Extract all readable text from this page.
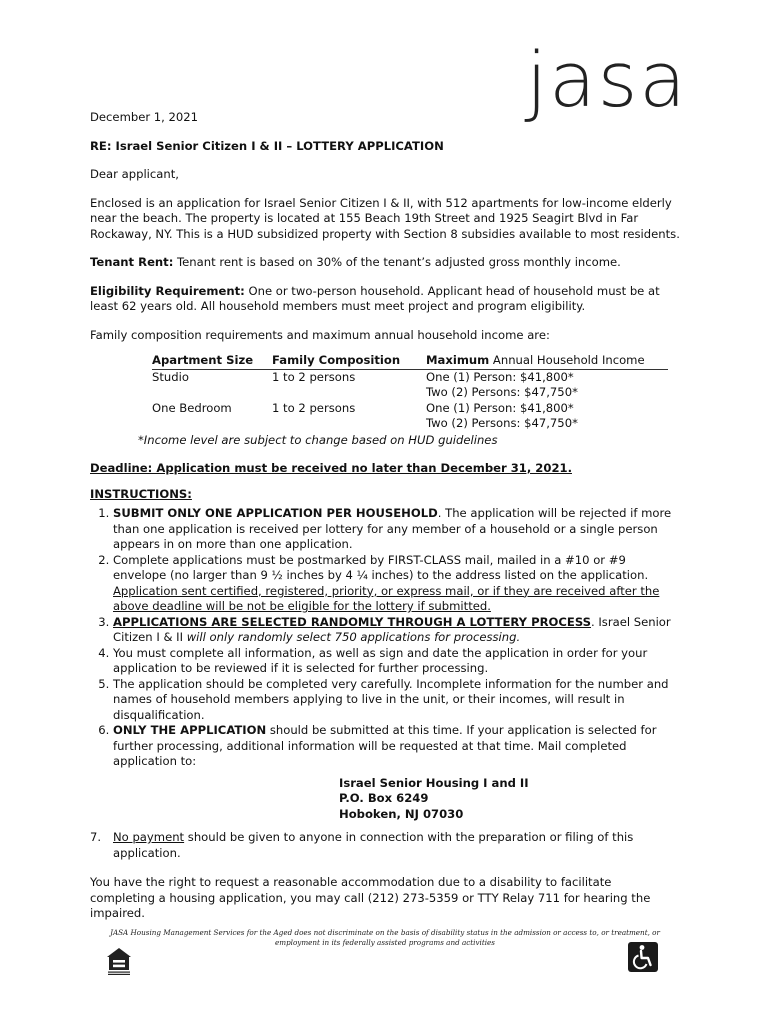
jasa

December 1, 2021

RE: Israel Senior Citizen I & II – LOTTERY APPLICATION

Dear applicant,

Enclosed is an application for Israel Senior Citizen I & II, with 512 apartments for low-income elderly near the beach. The property is located at 155 Beach 19th Street and 1925 Seagirt Blvd in Far Rockaway, NY. This is a HUD subsidized property with Section 8 subsidies available to most residents.

Tenant Rent: Tenant rent is based on 30% of the tenant’s adjusted gross monthly income.

Eligibility Requirement: One or two-person household. Applicant head of household must be at least 62 years old. All household members must meet project and program eligibility.

Family composition requirements and maximum annual household income are:

Apartment Size	Family Composition	Maximum Annual Household Income
Studio	1 to 2 persons	One (1) Person: $41,800*
Two (2) Persons: $47,750*

One Bedroom	1 to 2 persons	One (1) Person: $41,800*
Two (2) Persons: $47,750*

*Income level are subject to change based on HUD guidelines

Deadline: Application must be received no later than December 31, 2021.

INSTRUCTIONS:

1. SUBMIT ONLY ONE APPLICATION PER HOUSEHOLD. The application will be rejected if more than one application is received per lottery for any member of a household or a single person appears in on more than one application.
2. Complete applications must be postmarked by FIRST-CLASS mail, mailed in a #10 or #9 envelope (no larger than 9 ½ inches by 4 ¼ inches) to the address listed on the application. Application sent certified, registered, priority, or express mail, or if they are received after the above deadline will be not be eligible for the lottery if submitted.
3. APPLICATIONS ARE SELECTED RANDOMLY THROUGH A LOTTERY PROCESS. Israel Senior Citizen I & II will only randomly select 750 applications for processing.
4. You must complete all information, as well as sign and date the application in order for your application to be reviewed if it is selected for further processing.
5. The application should be completed very carefully. Incomplete information for the number and names of household members applying to live in the unit, or their incomes, will result in disqualification.
6. ONLY THE APPLICATION should be submitted at this time. If your application is selected for further processing, additional information will be requested at that time. Mail completed application to:
Israel Senior Housing I and II
P.O. Box 6249
Hoboken, NJ 07030
7. No payment should be given to anyone in connection with the preparation or filing of this application.

You have the right to request a reasonable accommodation due to a disability to facilitate completing a housing application, you may call (212) 273-5359 or TTY Relay 711 for hearing the impaired.

JASA Housing Management Services for the Aged does not discriminate on the basis of disability status in the admission or access to, or treatment, or
employment in its federally assisted programs and activities
